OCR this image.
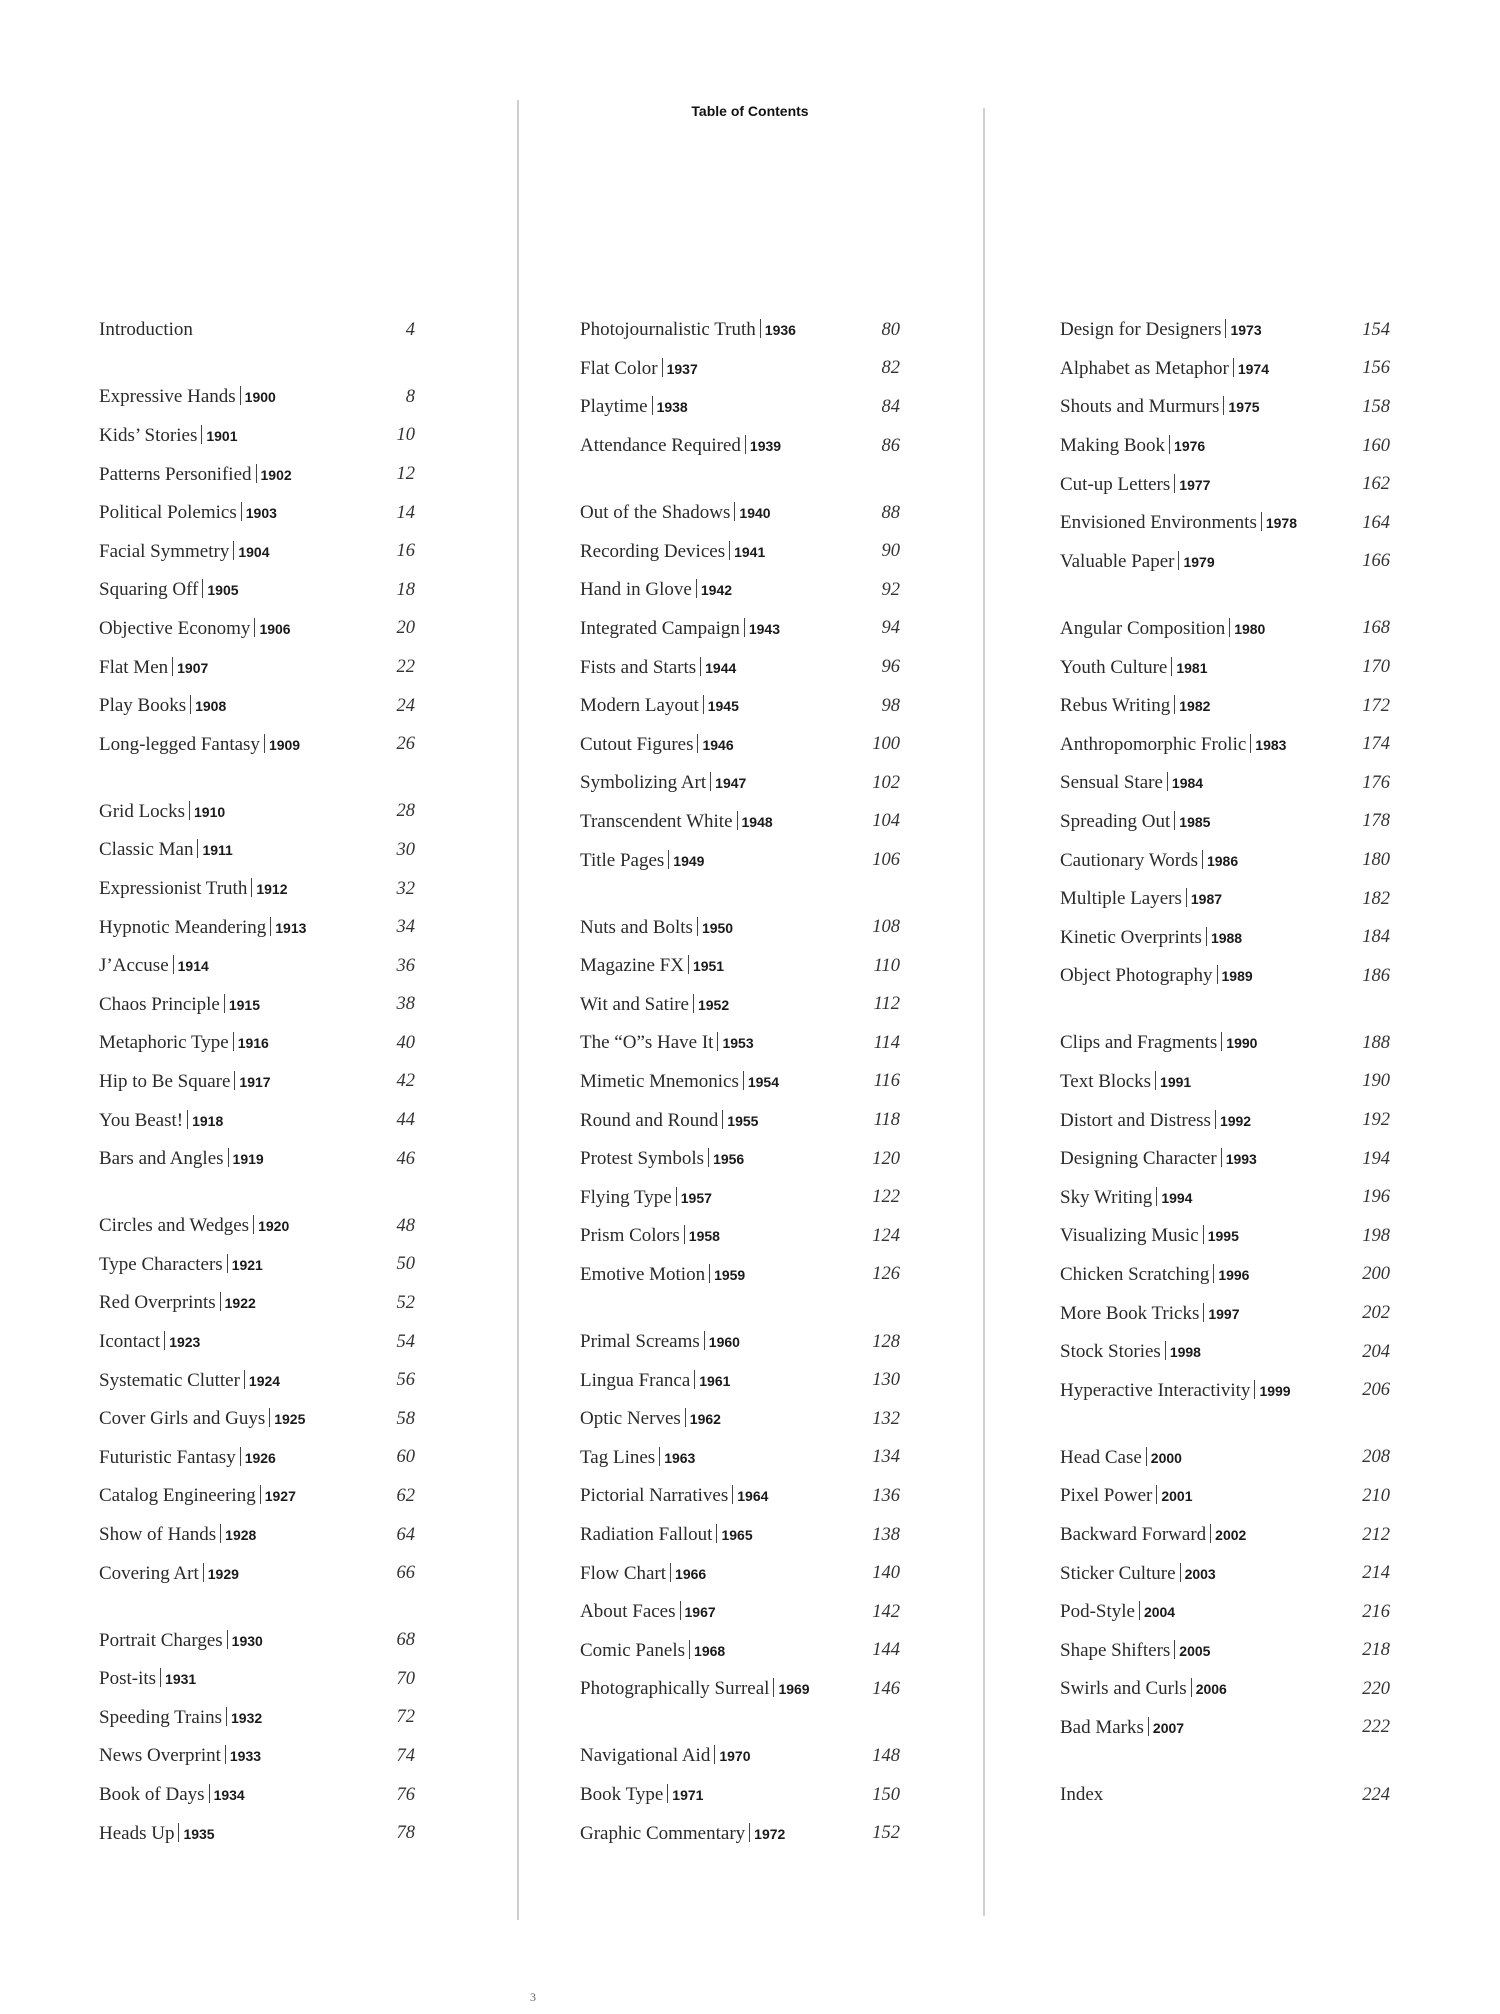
Table of Contents
Introduction	4
Expressive Hands 1900	8
Kids’ Stories 1901	10
Patterns Personified 1902	12
Political Polemics 1903	14
Facial Symmetry 1904	16
Squaring Off 1905	18
Objective Economy 1906	20
Flat Men 1907	22
Play Books 1908	24
Long-legged Fantasy 1909	26
Grid Locks 1910	28
Classic Man 1911	30
Expressionist Truth 1912	32
Hypnotic Meandering 1913	34
J’Accuse 1914	36
Chaos Principle 1915	38
Metaphoric Type 1916	40
Hip to Be Square 1917	42
You Beast! 1918	44
Bars and Angles 1919	46
Circles and Wedges 1920	48
Type Characters 1921	50
Red Overprints 1922	52
Icontact 1923	54
Systematic Clutter 1924	56
Cover Girls and Guys 1925	58
Futuristic Fantasy 1926	60
Catalog Engineering 1927	62
Show of Hands 1928	64
Covering Art 1929	66
Portrait Charges 1930	68
Post-its 1931	70
Speeding Trains 1932	72
News Overprint 1933	74
Book of Days 1934	76
Heads Up 1935	78
Photojournalistic Truth 1936	80
Flat Color 1937	82
Playtime 1938	84
Attendance Required 1939	86
Out of the Shadows 1940	88
Recording Devices 1941	90
Hand in Glove 1942	92
Integrated Campaign 1943	94
Fists and Starts 1944	96
Modern Layout 1945	98
Cutout Figures 1946	100
Symbolizing Art 1947	102
Transcendent White 1948	104
Title Pages 1949	106
Nuts and Bolts 1950	108
Magazine FX 1951	110
Wit and Satire 1952	112
The “O”s Have It 1953	114
Mimetic Mnemonics 1954	116
Round and Round 1955	118
Protest Symbols 1956	120
Flying Type 1957	122
Prism Colors 1958	124
Emotive Motion 1959	126
Primal Screams 1960	128
Lingua Franca 1961	130
Optic Nerves 1962	132
Tag Lines 1963	134
Pictorial Narratives 1964	136
Radiation Fallout 1965	138
Flow Chart 1966	140
About Faces 1967	142
Comic Panels 1968	144
Photographically Surreal 1969	146
Navigational Aid 1970	148
Book Type 1971	150
Graphic Commentary 1972	152
Design for Designers 1973	154
Alphabet as Metaphor 1974	156
Shouts and Murmurs 1975	158
Making Book 1976	160
Cut-up Letters 1977	162
Envisioned Environments 1978	164
Valuable Paper 1979	166
Angular Composition 1980	168
Youth Culture 1981	170
Rebus Writing 1982	172
Anthropomorphic Frolic 1983	174
Sensual Stare 1984	176
Spreading Out 1985	178
Cautionary Words 1986	180
Multiple Layers 1987	182
Kinetic Overprints 1988	184
Object Photography 1989	186
Clips and Fragments 1990	188
Text Blocks 1991	190
Distort and Distress 1992	192
Designing Character 1993	194
Sky Writing 1994	196
Visualizing Music 1995	198
Chicken Scratching 1996	200
More Book Tricks 1997	202
Stock Stories 1998	204
Hyperactive Interactivity 1999	206
Head Case 2000	208
Pixel Power 2001	210
Backward Forward 2002	212
Sticker Culture 2003	214
Pod-Style 2004	216
Shape Shifters 2005	218
Swirls and Curls 2006	220
Bad Marks 2007	222
Index	224
3
